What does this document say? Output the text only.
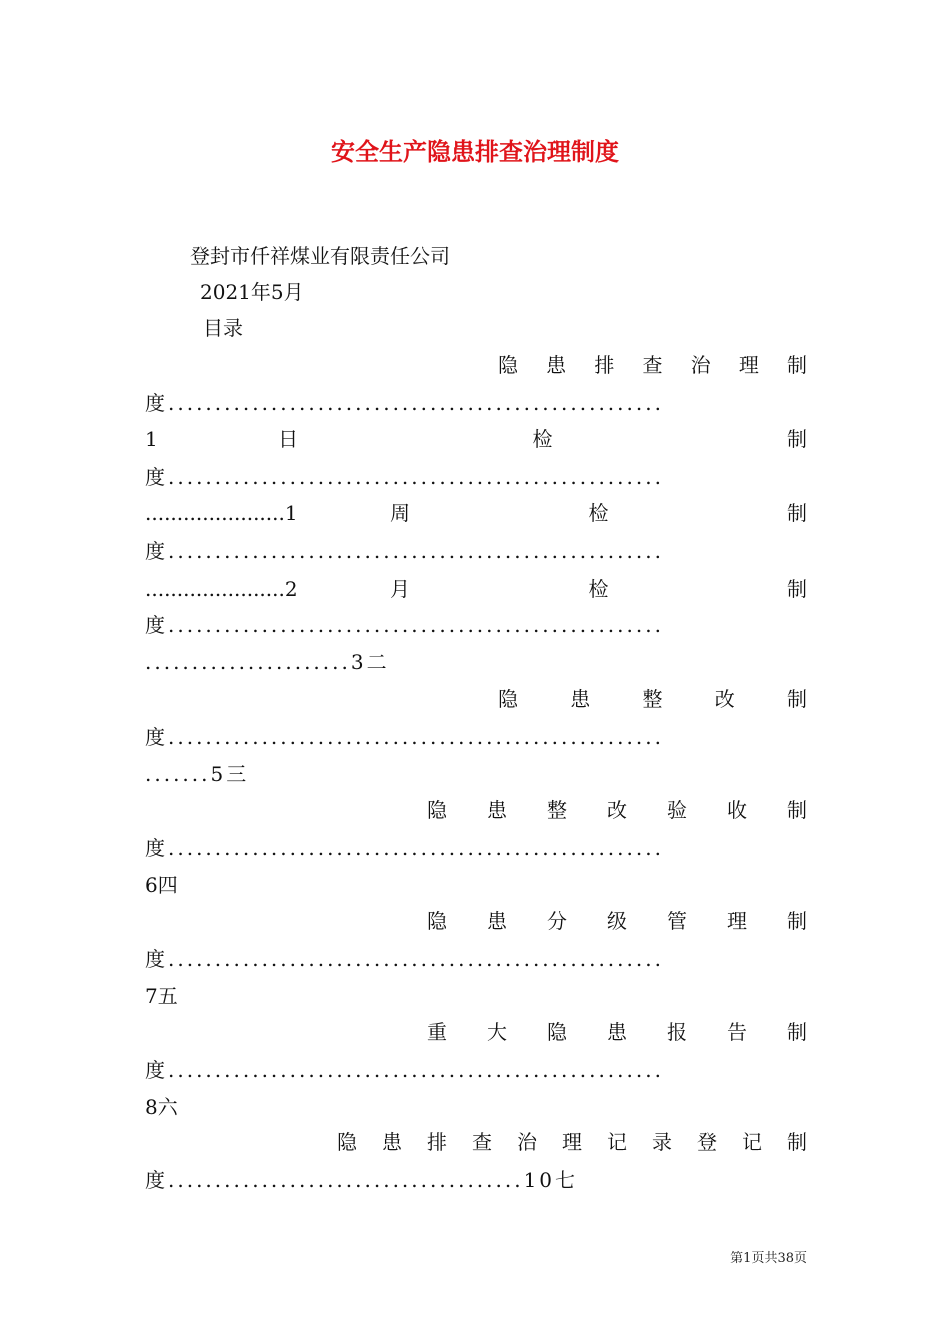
安全生产隐患排查治理制度
登封市仟祥煤业有限责任公司
2021年5月
目录
隐 患 排 查 治 理 制
度.....................................................
1 日 检 制
度.....................................................
......................1 周 检 制
度.....................................................
......................2 月 检 制
度.....................................................
......................3二
隐 患 整 改 制
度.....................................................
.......5三
隐 患 整 改 验 收 制
度.....................................................
6四
隐 患 分 级 管 理 制
度.....................................................
7五
重 大 隐 患 报 告 制
度.....................................................
8六
隐 患 排 查 治 理 记 录 登 记 制
度......................................10七
第1页共38页
